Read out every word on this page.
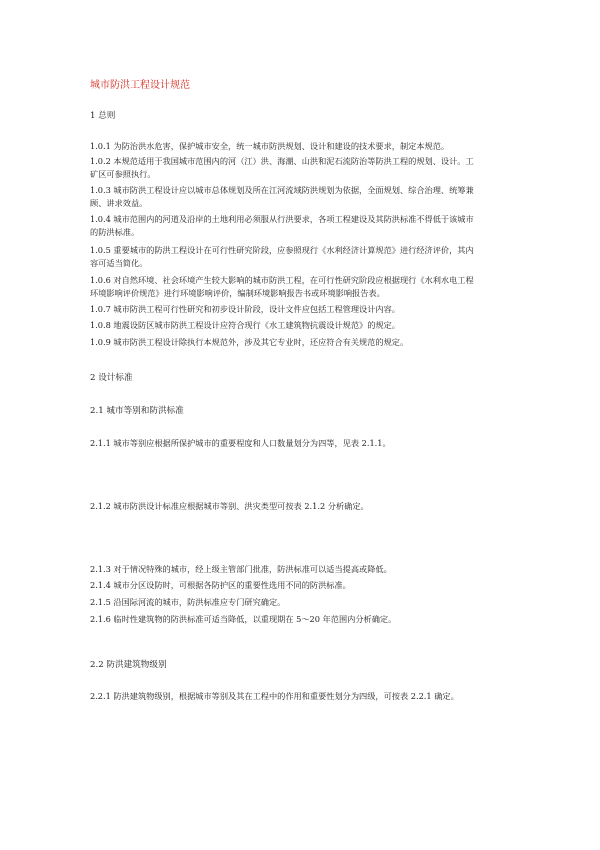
城市防洪工程设计规范
1 总则
1.0.1 为防治洪水危害，保护城市安全，统一城市防洪规划、设计和建设的技术要求，制定本规范。
1.0.2 本规范适用于我国城市范围内的河（江）洪、海潮、山洪和泥石流防治等防洪工程的规划、设计。工
矿区可参照执行。
1.0.3 城市防洪工程设计应以城市总体规划及所在江河流域防洪规划为依据，全面规划、综合治理、统筹兼
顾、讲求效益。
1.0.4 城市范围内的河道及沿岸的土地利用必须服从行洪要求，各项工程建设及其防洪标准不得低于该城市
的防洪标准。
1.0.5 重要城市的防洪工程设计在可行性研究阶段，应参照现行《水利经济计算规范》进行经济评价，其内
容可适当简化。
1.0.6 对自然环境、社会环境产生较大影响的城市防洪工程，在可行性研究阶段应根据现行《水利水电工程
环境影响评价规范》进行环境影响评价，编制环境影响报告书或环境影响报告表。
1.0.7 城市防洪工程可行性研究和初步设计阶段，设计文件应包括工程管理设计内容。
1.0.8 地震设防区城市防洪工程设计应符合现行《水工建筑物抗震设计规范》的规定。
1.0.9 城市防洪工程设计除执行本规范外，涉及其它专业时，还应符合有关规范的规定。
2 设计标准
2.1 城市等别和防洪标准
2.1.1 城市等别应根据所保护城市的重要程度和人口数量划分为四等，见表 2.1.1。
2.1.2 城市防洪设计标准应根据城市等别、洪灾类型可按表 2.1.2 分析确定。
2.1.3 对于情况特殊的城市，经上级主管部门批准，防洪标准可以适当提高或降低。
2.1.4 城市分区设防时，可根据各防护区的重要性选用不同的防洪标准。
2.1.5 沿国际河流的城市，防洪标准应专门研究确定。
2.1.6 临时性建筑物的防洪标准可适当降低，以重现期在 5～20 年范围内分析确定。
2.2 防洪建筑物级别
2.2.1 防洪建筑物级别，根据城市等别及其在工程中的作用和重要性划分为四级，可按表 2.2.1 确定。
